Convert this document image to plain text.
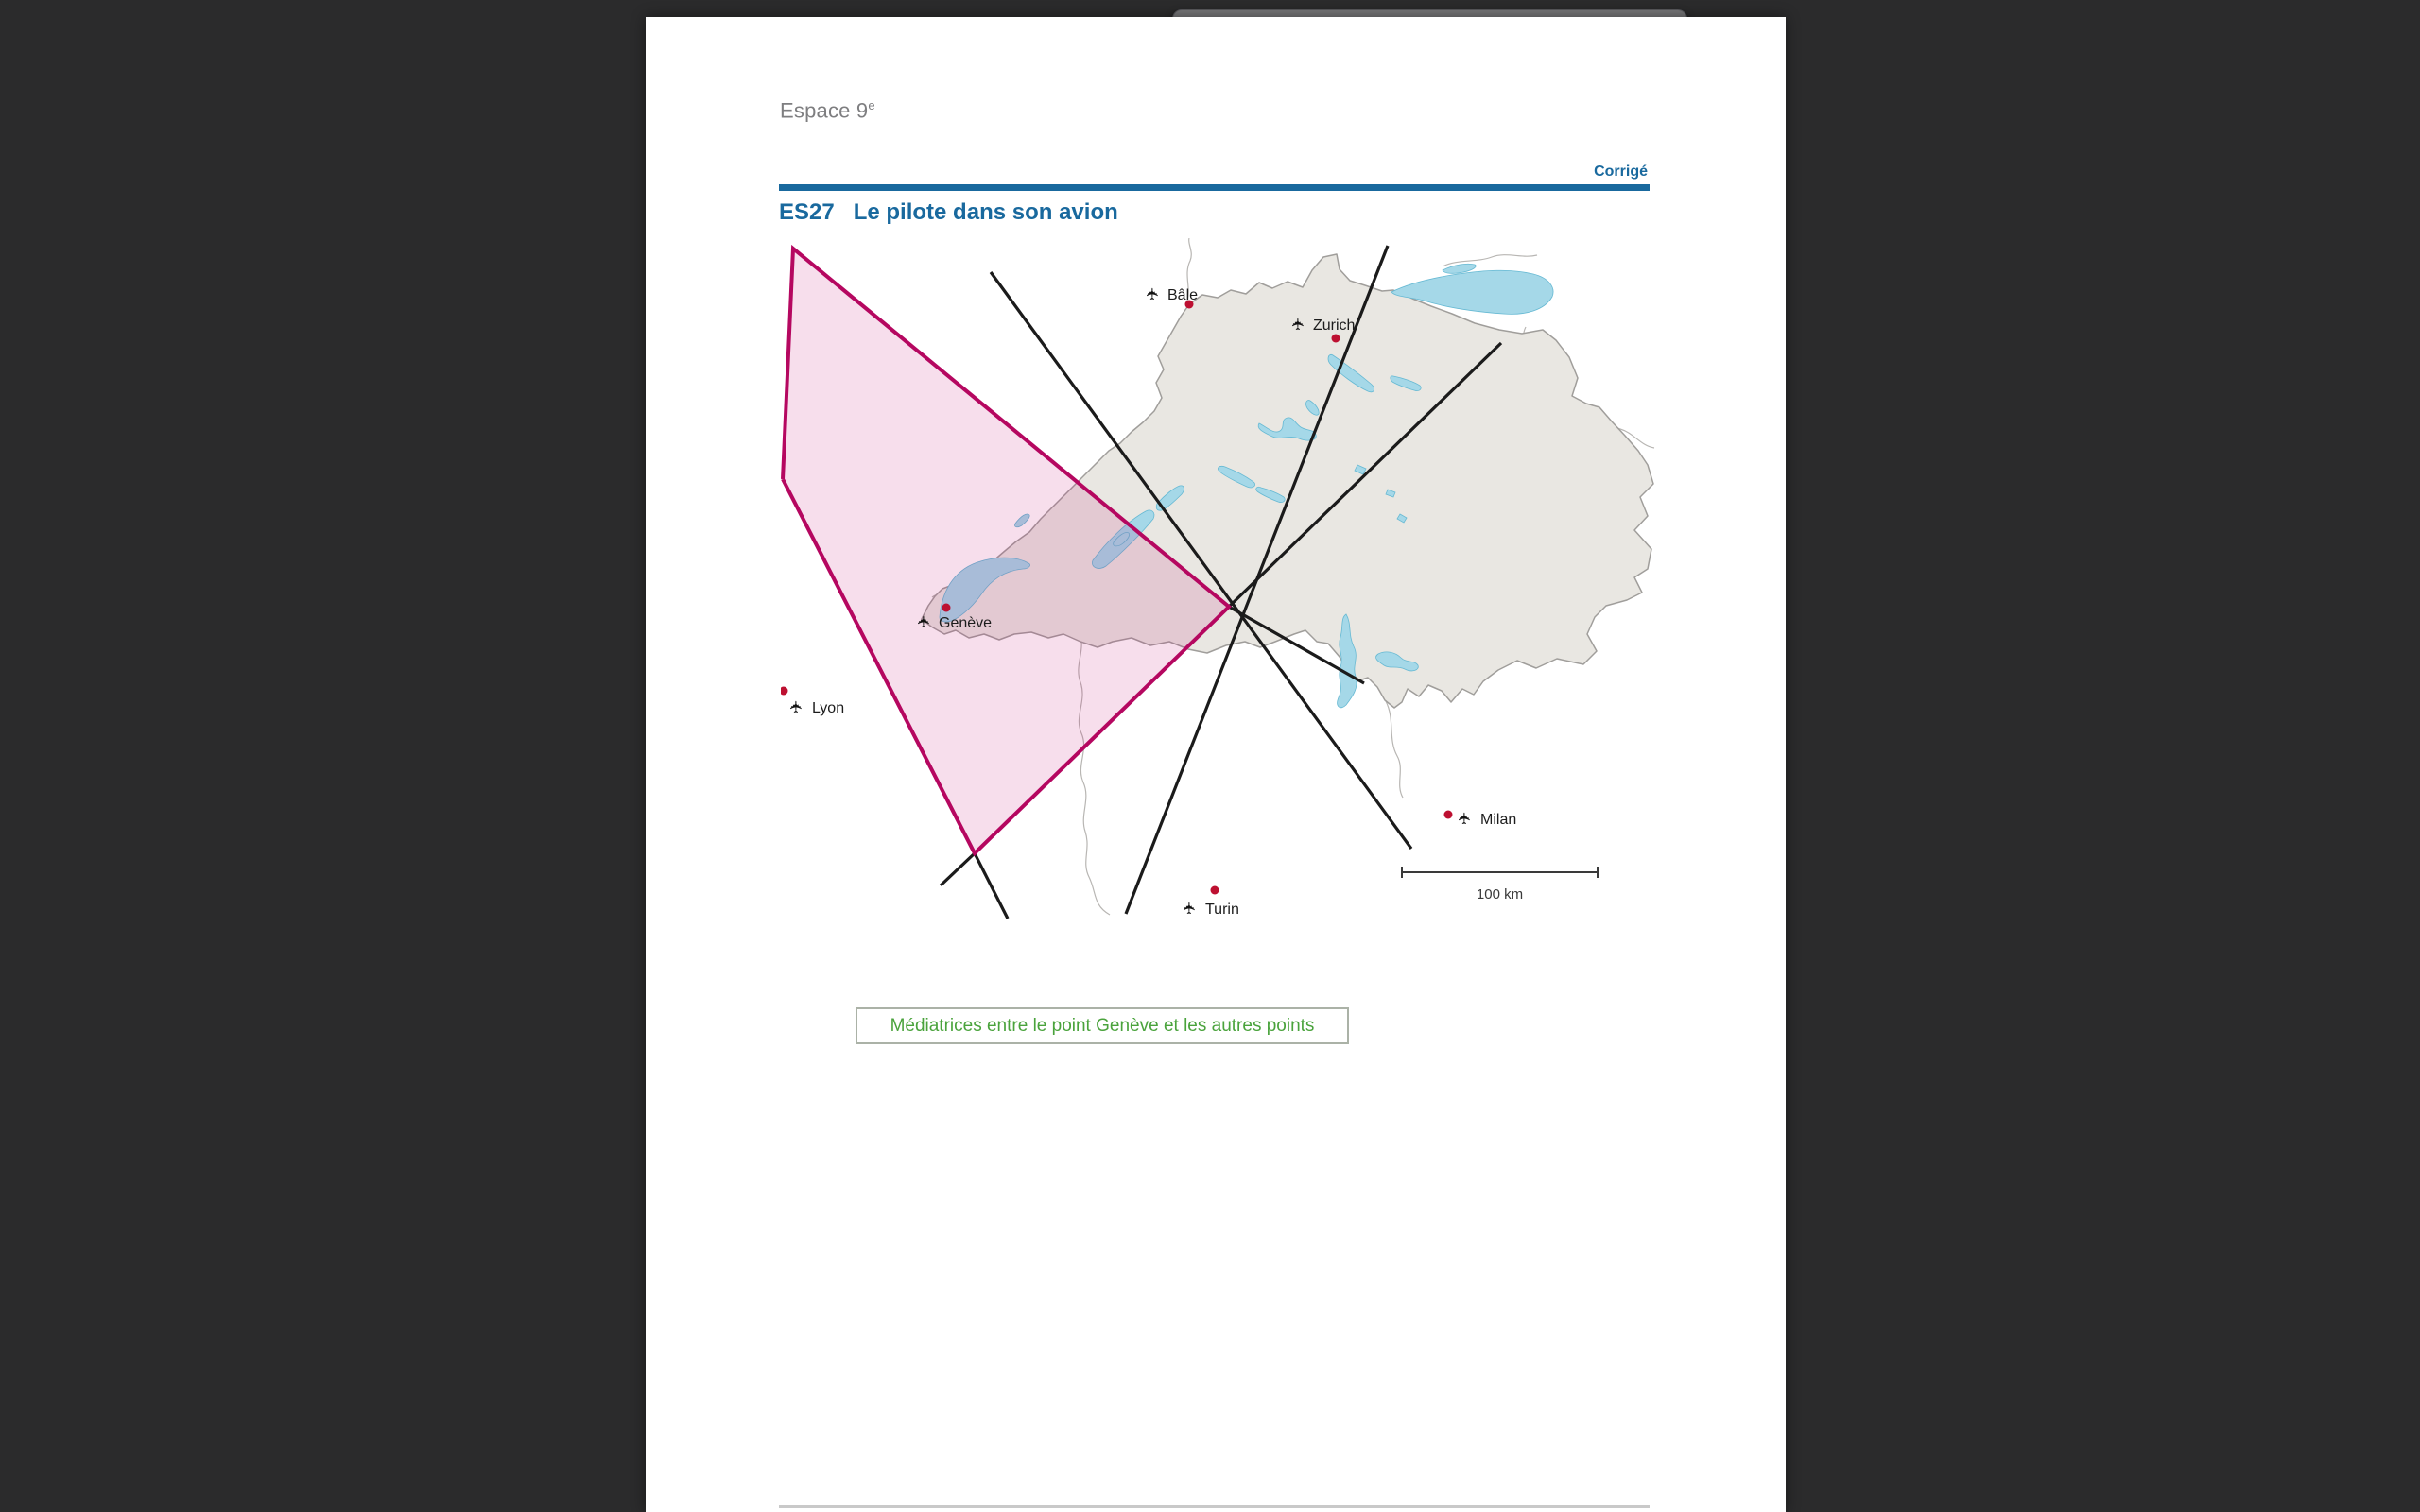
Espace 9e
Corrigé
ES27 Le pilote dans son avion
✈ Bâle
✈ Zurich
✈ Genève
✈ Lyon
✈ Milan
✈ Turin
100 km
Médiatrices entre le point Genève et les autres points
